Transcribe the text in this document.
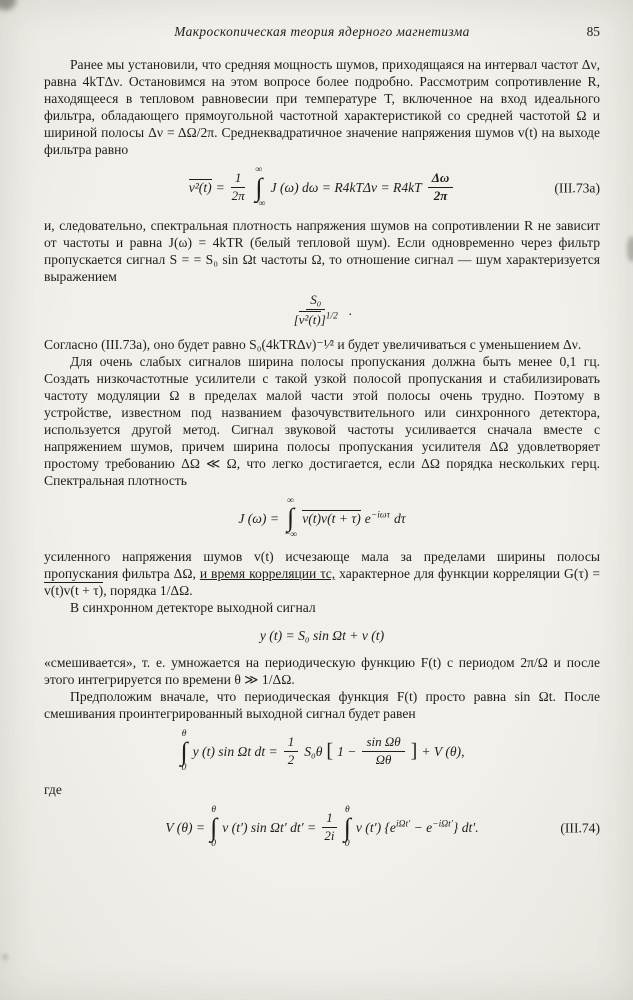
Макроскопическая теория ядерного магнетизма	85

Ранее мы установили, что средняя мощность шумов, приходящаяся на интервал частот Δν, равна 4kTΔν. Остановимся на этом вопросе более подробно. Рассмотрим сопротивление R, находящееся в тепловом равновесии при температуре T, включенное на вход идеального фильтра, обладающего прямоугольной частотной характеристикой со средней частотой Ω и шириной полосы Δν = ΔΩ/2π. Среднеквадратичное значение напряжения шумов v(t) на выходе фильтра равно

$v^2(t) = \frac{1}{2\pi}$
∞
∫
−∞
J (ω) $d\omega = R4kT\Delta\nu = R4kT \frac{\Delta\omega}{2\pi}$	(III.73а)

и, следовательно, спектральная плотность напряжения шумов на сопротивлении R не зависит от частоты и равна J(ω) = 4kTR (белый тепловой шум). Если одновременно через фильтр пропускается сигнал S = = S₀ sin Ωt частоты Ω, то отношение сигнал — шум характеризуется выражением

$\frac{\text{S₀}}{[v^2(t)]^{1/2}}$ .

Согласно (III.73а), оно будет равно S₀(4kTRΔν)⁻¹⁄² и будет увеличиваться с уменьшением Δν.

Для очень слабых сигналов ширина полосы пропускания должна быть менее 0,1 гц. Создать низкочастотные усилители с такой узкой полосой пропускания и стабилизировать частоту модуляции Ω в пределах малой части этой полосы очень трудно. Поэтому в устройстве, известном под названием фазочувствительного или синхронного детектора, используется другой метод. Сигнал звуковой частоты усиливается сначала вместе с напряжением шумов, причем ширина полосы пропускания усилителя ΔΩ удовлетворяет простому требованию ΔΩ ≪ Ω, что легко достигается, если ΔΩ порядка нескольких герц. Спектральная плотность

J (ω) =
∞
∫
−∞
v(t)v(t + τ) $e^{-i\omega\tau}$ dτ

усиленного напряжения шумов v(t) исчезающе мала за пределами ширины полосы пропускания фильтра ΔΩ, и время корреляции τc, характерное для функции корреляции G(τ) = v(t)v(t + τ), порядка 1/ΔΩ.

В синхронном детекторе выходной сигнал

y (t) = S₀ sin Ωt + v (t)

«смешивается», т. е. умножается на периодическую функцию F(t) с периодом 2π/Ω и после этого интегрируется по времени θ ≫ 1/ΔΩ.

Предположим вначале, что периодическая функция F(t) просто равна sin Ωt. После смешивания проинтегрированный выходной сигнал будет равен

θ
∫
0
y (t) sin Ωt dt = $\frac{1}{2} S_0\theta$ [ $1 - \frac{\text{sin Ωθ}}{\Omega\theta}$ ] + V (θ),

где

V (θ) =
θ
∫
0
v (t′) sin Ωt′ $dt' = \frac{1}{2i}$
θ
∫
0
v (t′) $\{e^{i\Omega t'} - e^{-i\Omega t'}\}$ dt′.	(III.74)
